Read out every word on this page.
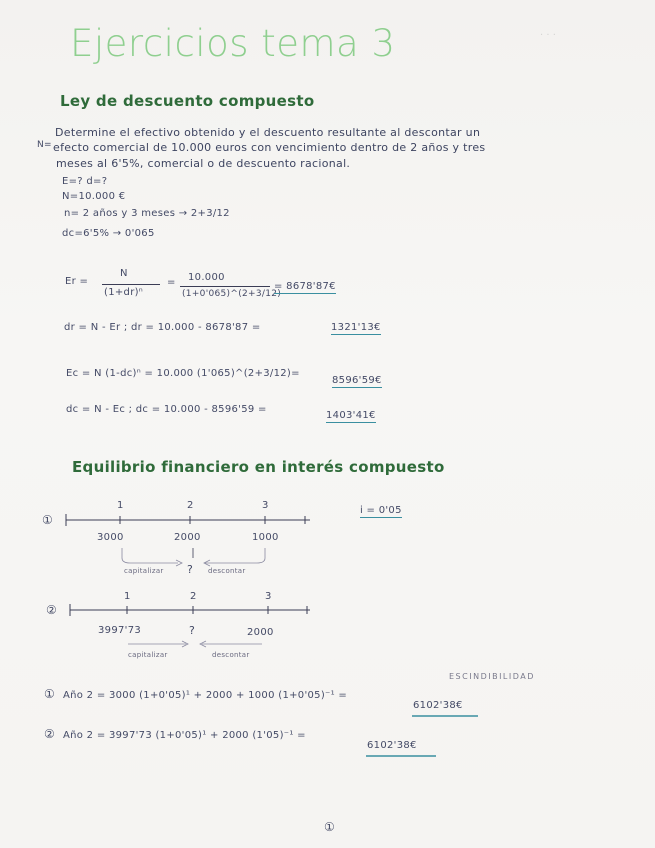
· · ·
Ejercicios tema 3
Ley de descuento compuesto
Determine el efectivo obtenido y el descuento resultante al descontar un
N= efecto comercial de 10.000 euros con vencimiento dentro de 2 años y tres
meses al 6'5%, comercial o de descuento racional.
E=? d=?
N=10.000 €
n= 2 años y 3 meses → 2+3/12
dc=6'5% → 0'065
Er =
N
(1+dr)ⁿ
= 10.000
(1+0'065)^(2+3/12)
= 8678'87€
dr = N - Er ; dr = 10.000 - 8678'87 =	1321'13€
Ec = N (1-dc)ⁿ = 10.000 (1'065)^(2+3/12)=
8596'59€
dc = N - Ec ; dc = 10.000 - 8596'59 =
1403'41€
Equilibrio financiero en interés compuesto
i = 0'05
①
1	2	3
3000	2000	1000
?
capitalizar	descontar
②
1	2	3
3997'73	?	2000
capitalizar	descontar
ESCINDIBILIDAD
① Año 2 = 3000 (1+0'05)¹ + 2000 + 1000 (1+0'05)⁻¹ =
6102'38€
② Año 2 = 3997'73 (1+0'05)¹ + 2000 (1'05)⁻¹ =
6102'38€
①
